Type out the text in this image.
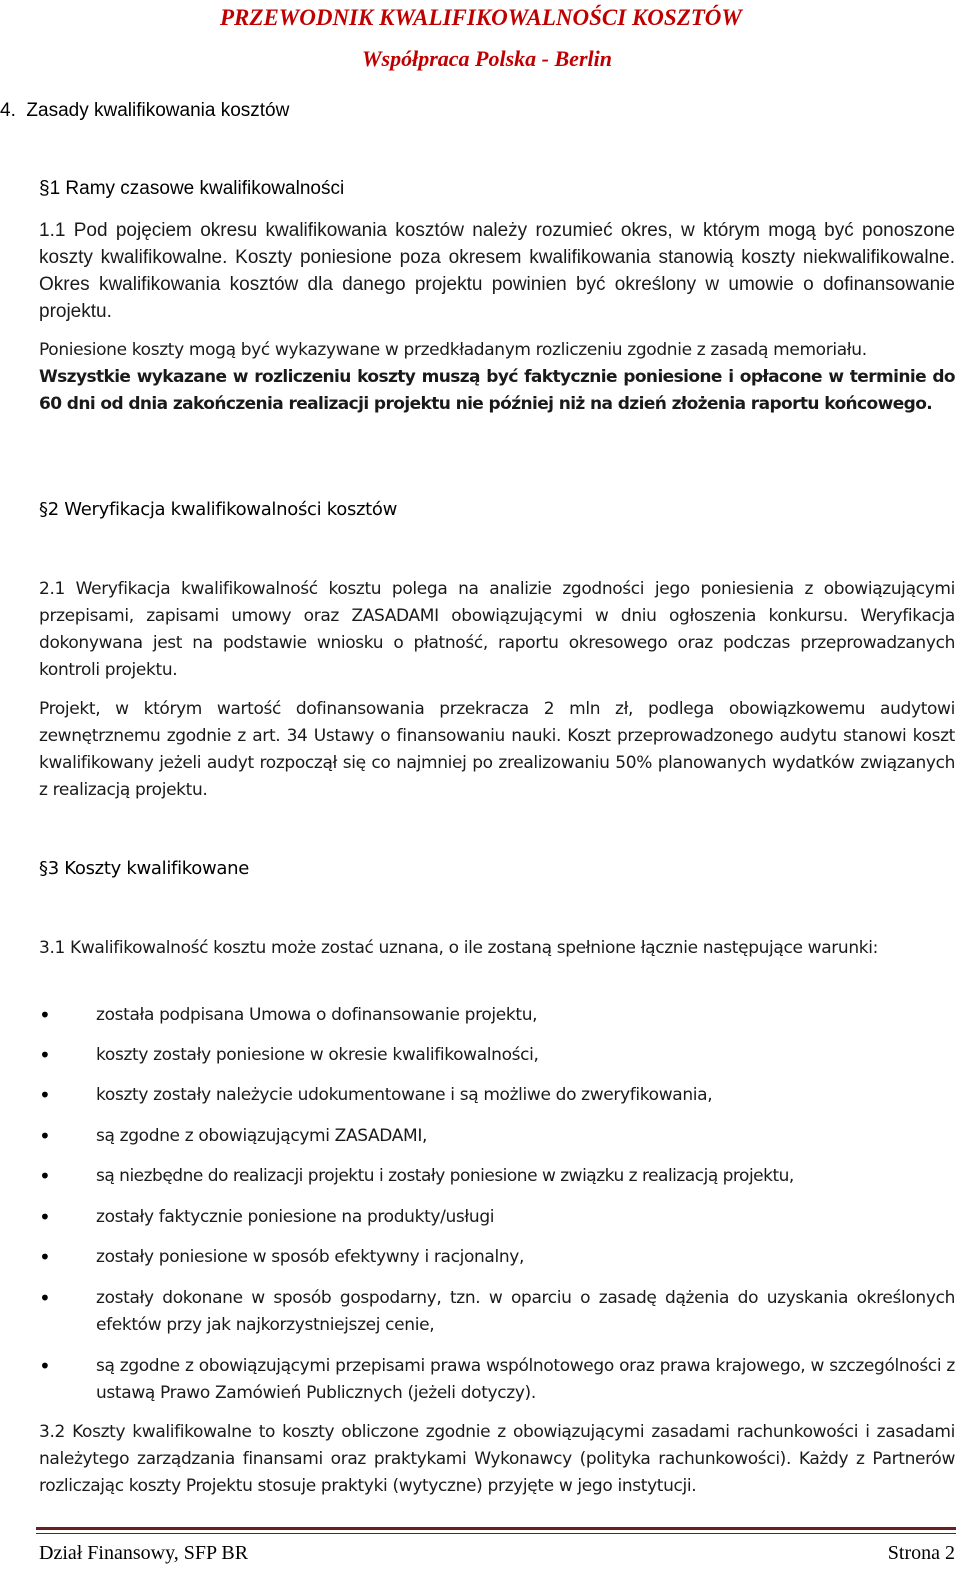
PRZEWODNIK KWALIFIKOWALNOŚCI KOSZTÓW
Współpraca Polska - Berlin
4.  Zasady kwalifikowania kosztów
§1 Ramy czasowe kwalifikowalności

1.1 Pod pojęciem okresu kwalifikowania kosztów należy rozumieć okres, w którym mogą być ponoszone koszty kwalifikowalne. Koszty poniesione poza okresem kwalifikowania stanowią koszty niekwalifikowalne. Okres kwalifikowania kosztów dla danego projektu powinien być określony w umowie o dofinansowanie projektu.

Poniesione koszty mogą być wykazywane w przedkładanym rozliczeniu zgodnie z zasadą memoriału.

Wszystkie wykazane w rozliczeniu koszty muszą być faktycznie poniesione i opłacone w terminie do 60 dni od dnia zakończenia realizacji projektu nie później niż na dzień złożenia raportu końcowego.

§2 Weryfikacja kwalifikowalności kosztów

2.1 Weryfikacja kwalifikowalność kosztu polega na analizie zgodności jego poniesienia z obowiązującymi przepisami, zapisami umowy oraz ZASADAMI obowiązującymi w dniu ogłoszenia konkursu. Weryfikacja dokonywana jest na podstawie wniosku o płatność, raportu okresowego oraz podczas przeprowadzanych kontroli projektu.

Projekt, w którym wartość dofinansowania przekracza 2 mln zł, podlega obowiązkowemu audytowi zewnętrznemu zgodnie z art. 34 Ustawy o finansowaniu nauki. Koszt przeprowadzonego audytu stanowi koszt kwalifikowany jeżeli audyt rozpoczął się co najmniej po zrealizowaniu 50% planowanych wydatków związanych z realizacją projektu.

§3 Koszty kwalifikowane

3.1 Kwalifikowalność kosztu może zostać uznana, o ile zostaną spełnione łącznie następujące warunki:

•	została podpisana Umowa o dofinansowanie projektu,

•	koszty zostały poniesione w okresie kwalifikowalności,

•	koszty zostały należycie udokumentowane i są możliwe do zweryfikowania,

•	są zgodne z obowiązującymi ZASADAMI,

•	są niezbędne do realizacji projektu i zostały poniesione w związku z realizacją projektu,

•	zostały faktycznie poniesione na produkty/usługi

•	zostały poniesione w sposób efektywny i racjonalny,

•	zostały dokonane w sposób gospodarny, tzn. w oparciu o zasadę dążenia do uzyskania określonych efektów przy jak najkorzystniejszej cenie,

•	są zgodne z obowiązującymi przepisami prawa wspólnotowego oraz prawa krajowego, w szczególności z ustawą Prawo Zamówień Publicznych (jeżeli dotyczy).

3.2 Koszty kwalifikowalne to koszty obliczone zgodnie z obowiązującymi zasadami rachunkowości i zasadami należytego zarządzania finansami oraz praktykami Wykonawcy (polityka rachunkowości). Każdy z Partnerów rozliczając koszty Projektu stosuje praktyki (wytyczne) przyjęte w jego instytucji.

Dział Finansowy, SFP BR	Strona 2
